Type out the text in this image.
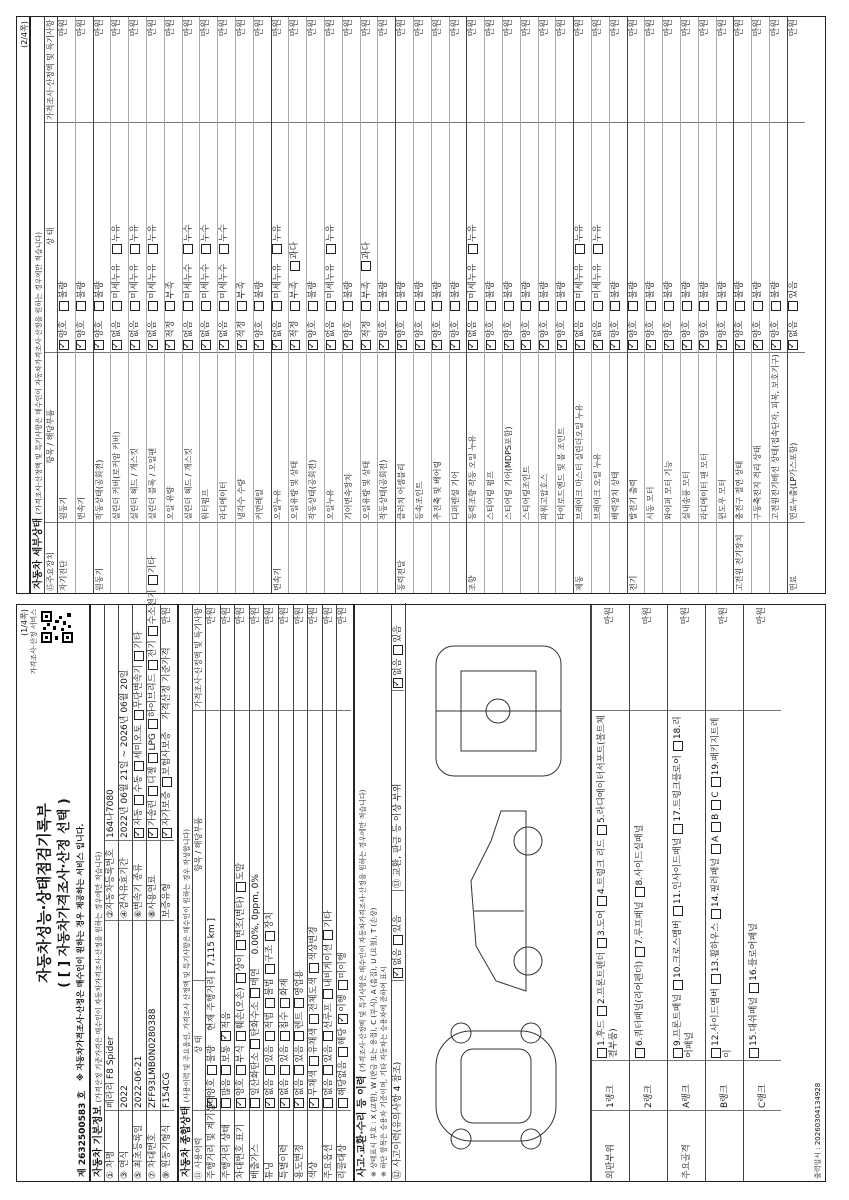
(1/4쪽) 가격조사·산정 서비스
자동차성능·상태점검기록부 ( [ ] 자동차가격조사·산정 선택 ) ※ 자동차가격조사·산정은 매수인이 원하는 경우 제공하는 서비스 입니다.
제 2632500583 호 자동차 기본정보 (가격산정 기준가격은 매수인이 자동차가격조사·산정을 원하는 경우에만 적습니다)
① 차명
페라리 F8 Spider
②자동차등록번호
164나7080
③ 연식
2022
④검사유효기간
2022년 06월 21일 ~ 2026년 06월 20일
⑤ 최초등록일
2022-06-21
⑥변속기 종류
✓자동수동세미오토무단변속기기타
⑦ 차대번호
ZFF93LMB0N0280388
⑧사용연료
✓가솔린디젤LPG하이브리드전기수소전기기타
⑨ 원동기형식
F154CG
보증유형
✓자가보증보험사보증가격산정 기준가격
만원
자동차 종합상태 (사용이력 및 주요옵션, 가격조사 산정액 및 특기사항은 매수인이 원하는 경우 작성합니다)
⑪ 사용이력
상 태
항목 / 해당부품
가격조사·산정액 및 특기사항
주행거리 및 계기상태
✓양호불량현재 주행거리 [ 7,115 km ]
만원
주행거리 상태
많음보통✓적음
만원
차대번호 표기
✓양호부식훼손(오손)상이변조(변타)도말
만원
배출가스
일산화탄소탄화수소매연0.00%, 0ppm, 0%
만원
튜닝
✓없음있음적법불법구조장치
만원
특별이력
✓없음있음침수화재
만원
용도변경
✓없음있음렌트영업용
만원
색상
✓무채색유채색전체도색색상변경
만원
주요옵션
없음있음선루프내비게이션기타
만원
리콜대상
해당없음해당✓이행미이행
만원
사고·교환·수리 등 이력 (가격조사·산정액 및 특기사항은 매수인이 자동차가격조사·산정을 원하는 경우에만 적습니다) ※ 상태표시 부호 : X (교환), W (판금 또는 용접), C (부식), A (흠집), U (요철), T (손상) ※ 하단 항목은 승용차 기준이며, 기타 자동차는 승용차에 준하여 표시 ⑫ 사고이력(유의사항 4 참조)
✓없음있음
⑬ 교환, 판금 등 이상 부위
✓없음있음
외판부위
1랭크
1.후드2.프론트펜더3.도어4.트렁크 리드5.라디에이터서포트(볼트체결부품)
만원
2랭크
6.쿼터패널(리어펜더)7.루프패널8.사이드실패널
만원
주요골격
A랭크
9.프론트패널10.크로스멤버11.인사이드패널17.트렁크플로어18.리어패널
만원
B랭크
12.사이드멤버13.휠하우스14.필러패널ABC19.패키지트레이
만원
C랭크
15.대쉬패널16.플로어패널
만원
출력일시 : 20260304134928
(2/4쪽)
자동차 세부상태 (가격조사·산정액 및 특기사항은 매수인이 자동차가격조사·산정을 원하는 경우에만 적습니다)
⑮주요장치
항목 / 해당부품
상 태
가격조사·산정액 및 특기사항
자기진단
원동기
✓양호불량
만원
변속기
✓양호불량
만원
원동기
작동상태(공회전)
✓양호불량
만원
실린더 커버(로커암 커버)
✓없음미세누유누유
만원
실린더 헤드 / 개스킷
✓없음미세누유누유
만원
실린더 블록 / 오일팬
✓없음미세누유누유
만원
오일 유량
✓적정부족
만원
실린더 헤드 / 개스킷
✓없음미세누수누수
만원
워터펌프
✓없음미세누수누수
만원
라디에이터
✓없음미세누수누수
만원
냉각수 수량
✓적정부족
만원
커먼레일
✓양호불량
만원
변속기
오일누유
✓없음미세누유누유
만원
오일유량 및 상태
✓적정부족과다
만원
작동상태(공회전)
✓양호불량
만원
오일누유
✓없음미세누유누유
만원
기어변속장치
✓양호불량
만원
오일유량 및 상태
✓적정부족과다
만원
작동상태(공회전)
✓양호불량
만원
동력전달
클러치 어셈블리
✓양호불량
만원
등속조인트
✓양호불량
만원
추진축 및 베어링
✓양호불량
만원
디퍼렌셜 기어
✓양호불량
만원
조향
동력조향 작동 오일 누유
✓없음미세누유누유
만원
스티어링 펌프
✓양호불량
만원
스티어링 기어(MDPS포함)
✓양호불량
만원
스티어링조인트
✓양호불량
만원
파워고압호스
✓양호불량
만원
타이로드엔드 및 볼 조인트
✓양호불량
만원
제동
브레이크 마스터 실린더오일 누유
✓없음미세누유누유
만원
브레이크 오일 누유
✓없음미세누유누유
만원
배력장치 상태
✓양호불량
만원
전기
발전기 출력
✓양호불량
만원
시동 모터
✓양호불량
만원
와이퍼 모터 기능
✓양호불량
만원
실내송풍 모터
✓양호불량
만원
라디에이터 팬 모터
✓양호불량
만원
윈도우 모터
✓양호불량
만원
고전원 전기장치
충전구 절연 상태
✓양호불량
만원
구동축전지 격리 상태
✓양호불량
만원
고전원전기배선 상태(접속단자, 피복, 보호기구)
✓양호불량
만원
연료
연료누출(LP가스포함)
✓없음있음
만원
